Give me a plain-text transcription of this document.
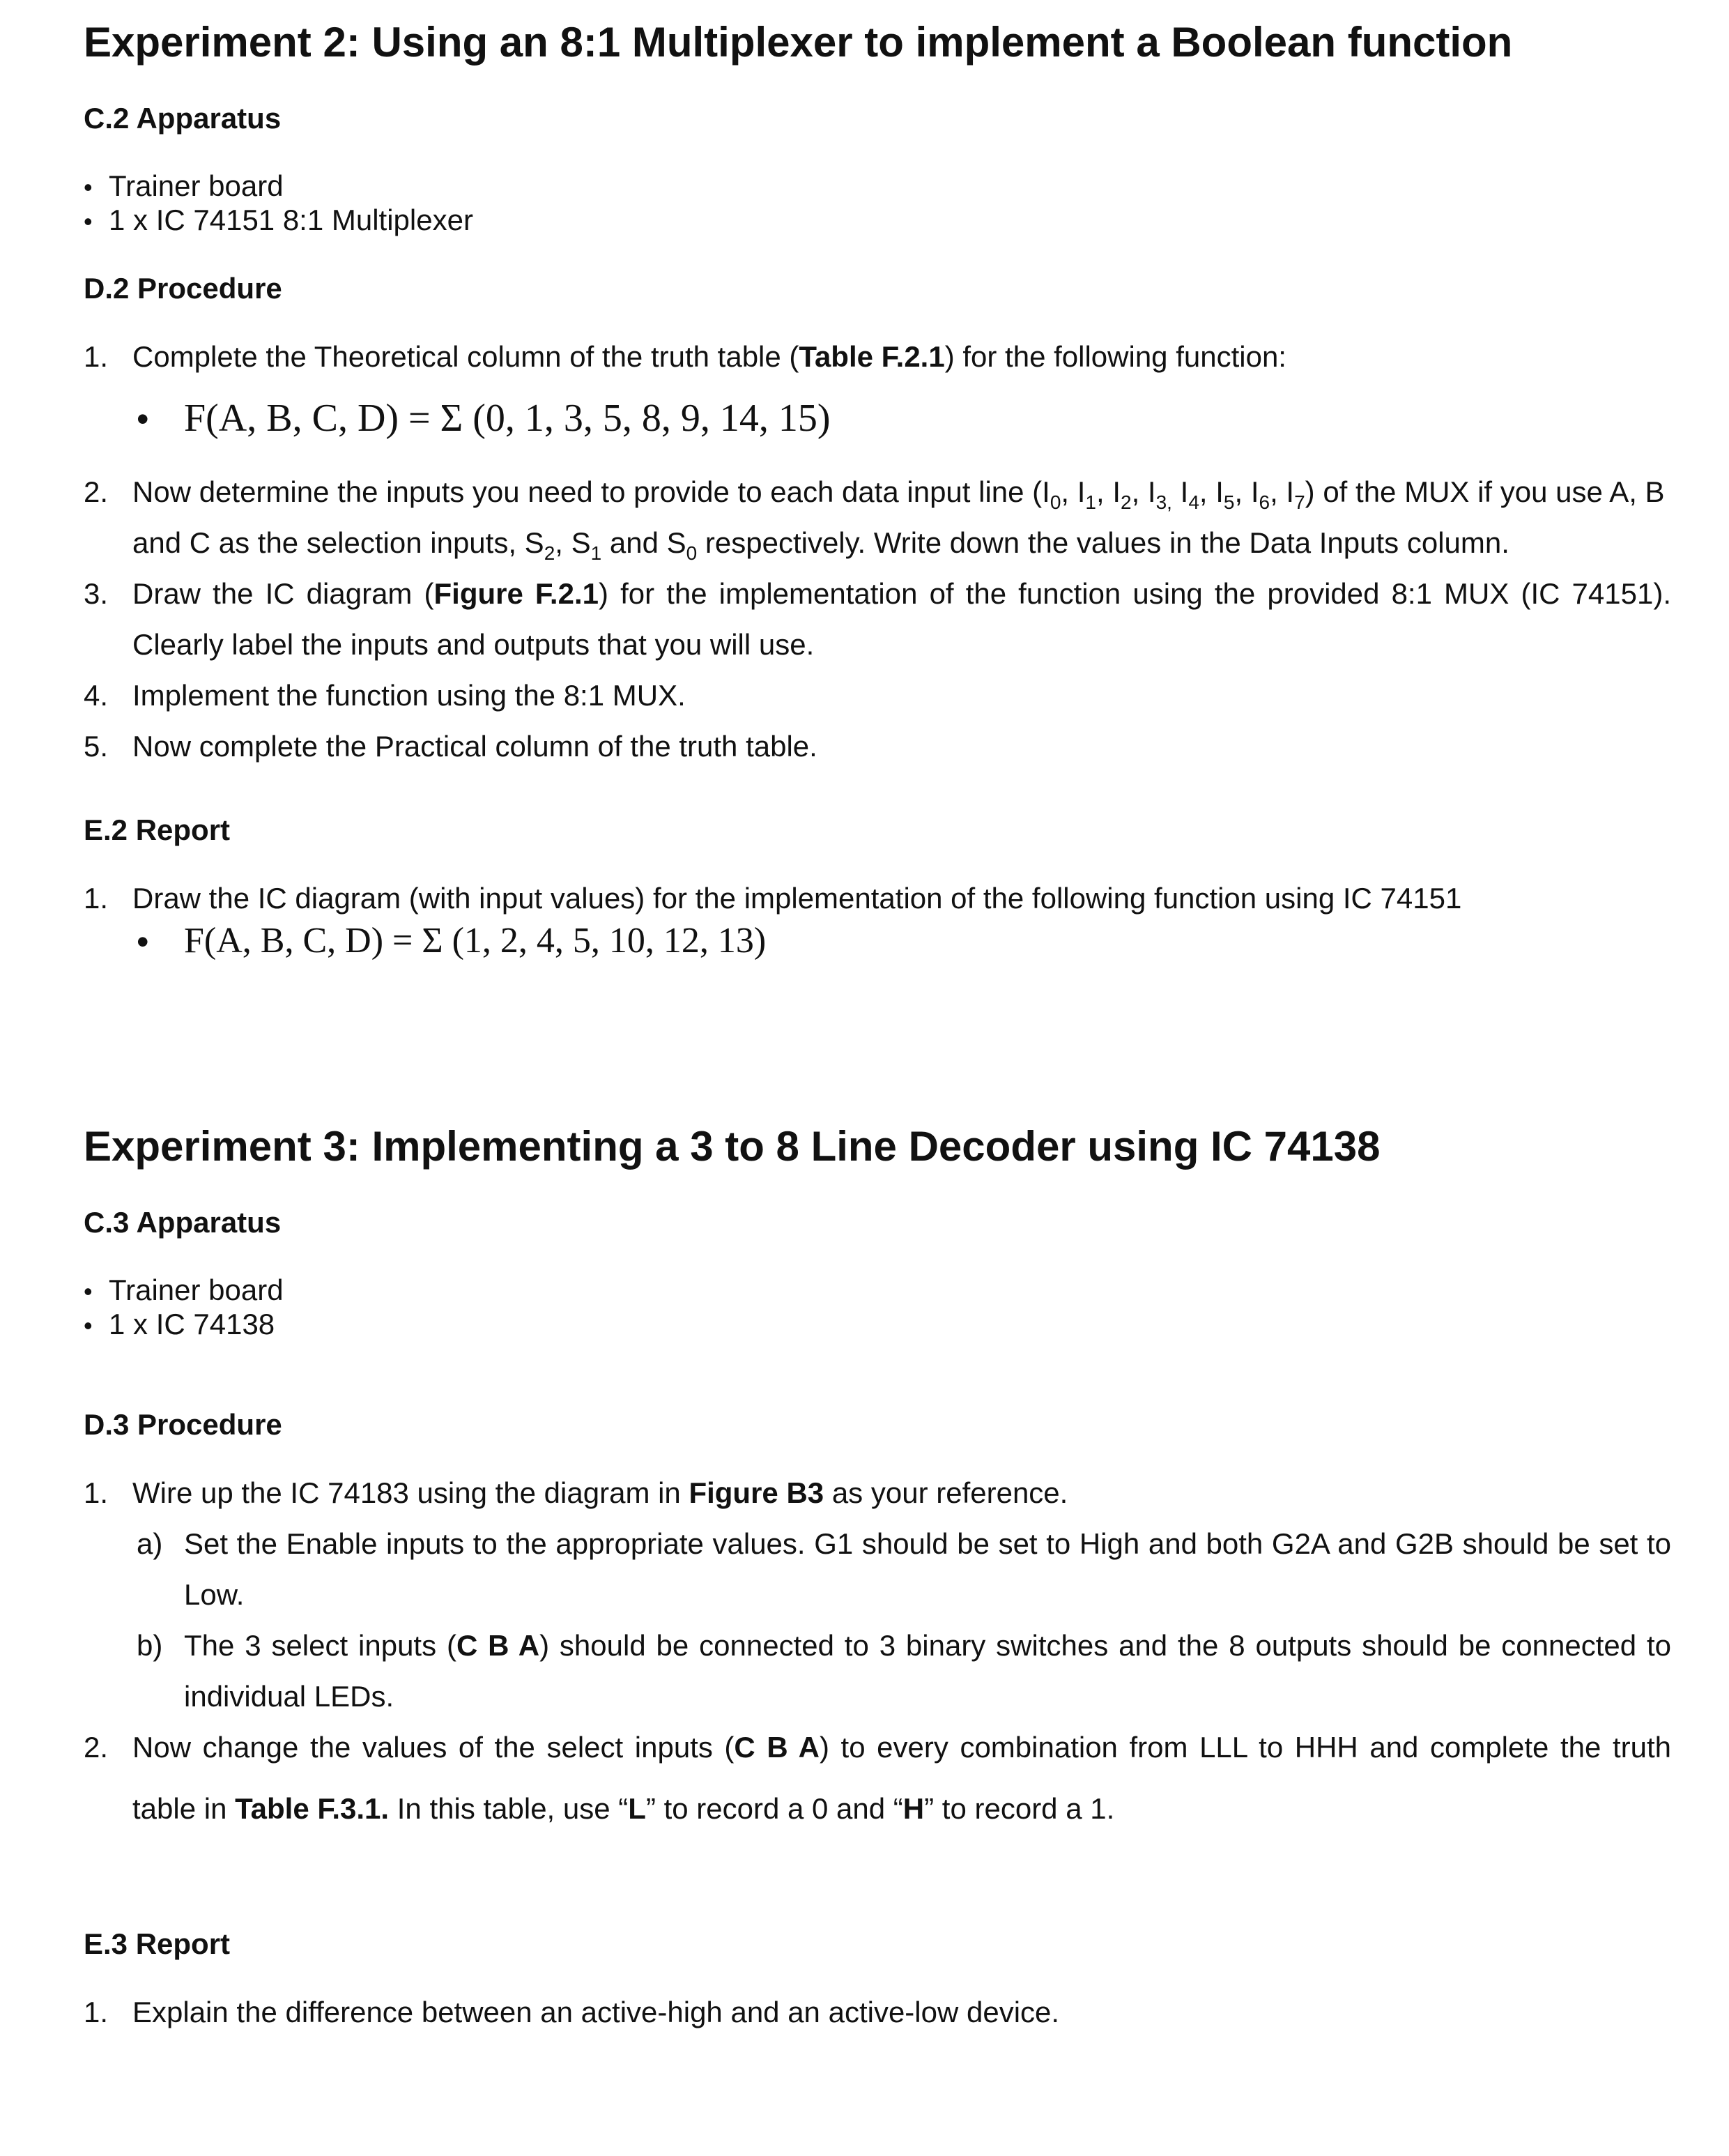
Experiment 2: Using an 8:1 Multiplexer to implement a Boolean function
C.2 Apparatus
• Trainer board
• 1 x IC 74151 8:1 Multiplexer
D.2 Procedure
1. Complete the Theoretical column of the truth table (Table F.2.1) for the following function:
• F(A, B, C, D) = Σ (0, 1, 3, 5, 8, 9, 14, 15)
2. Now determine the inputs you need to provide to each data input line ($I_0$, $I_1$, $I_2$, $I_{3,}$ $I_4$, $I_5$, $I_6$, $I_7$) of the MUX if you use A, B
and C as the selection inputs, $S_2$, $S_1$ and $S_0$ respectively. Write down the values in the Data Inputs column.
3. Draw the IC diagram (Figure F.2.1) for the implementation of the function using the provided 8:1 MUX (IC 74151).
Clearly label the inputs and outputs that you will use.
4. Implement the function using the 8:1 MUX.
5. Now complete the Practical column of the truth table.
E.2 Report
1. Draw the IC diagram (with input values) for the implementation of the following function using IC 74151
• F(A, B, C, D) = Σ (1, 2, 4, 5, 10, 12, 13)
Experiment 3: Implementing a 3 to 8 Line Decoder using IC 74138
C.3 Apparatus
• Trainer board
• 1 x IC 74138
D.3 Procedure
1. Wire up the IC 74183 using the diagram in Figure B3 as your reference.
a) Set the Enable inputs to the appropriate values. G1 should be set to High and both G2A and G2B should be set to
Low.
b) The 3 select inputs (C B A) should be connected to 3 binary switches and the 8 outputs should be connected to
individual LEDs.
2. Now change the values of the select inputs (C B A) to every combination from LLL to HHH and complete the truth
table in Table F.3.1. In this table, use “L” to record a 0 and “H” to record a 1.
E.3 Report
1. Explain the difference between an active-high and an active-low device.
